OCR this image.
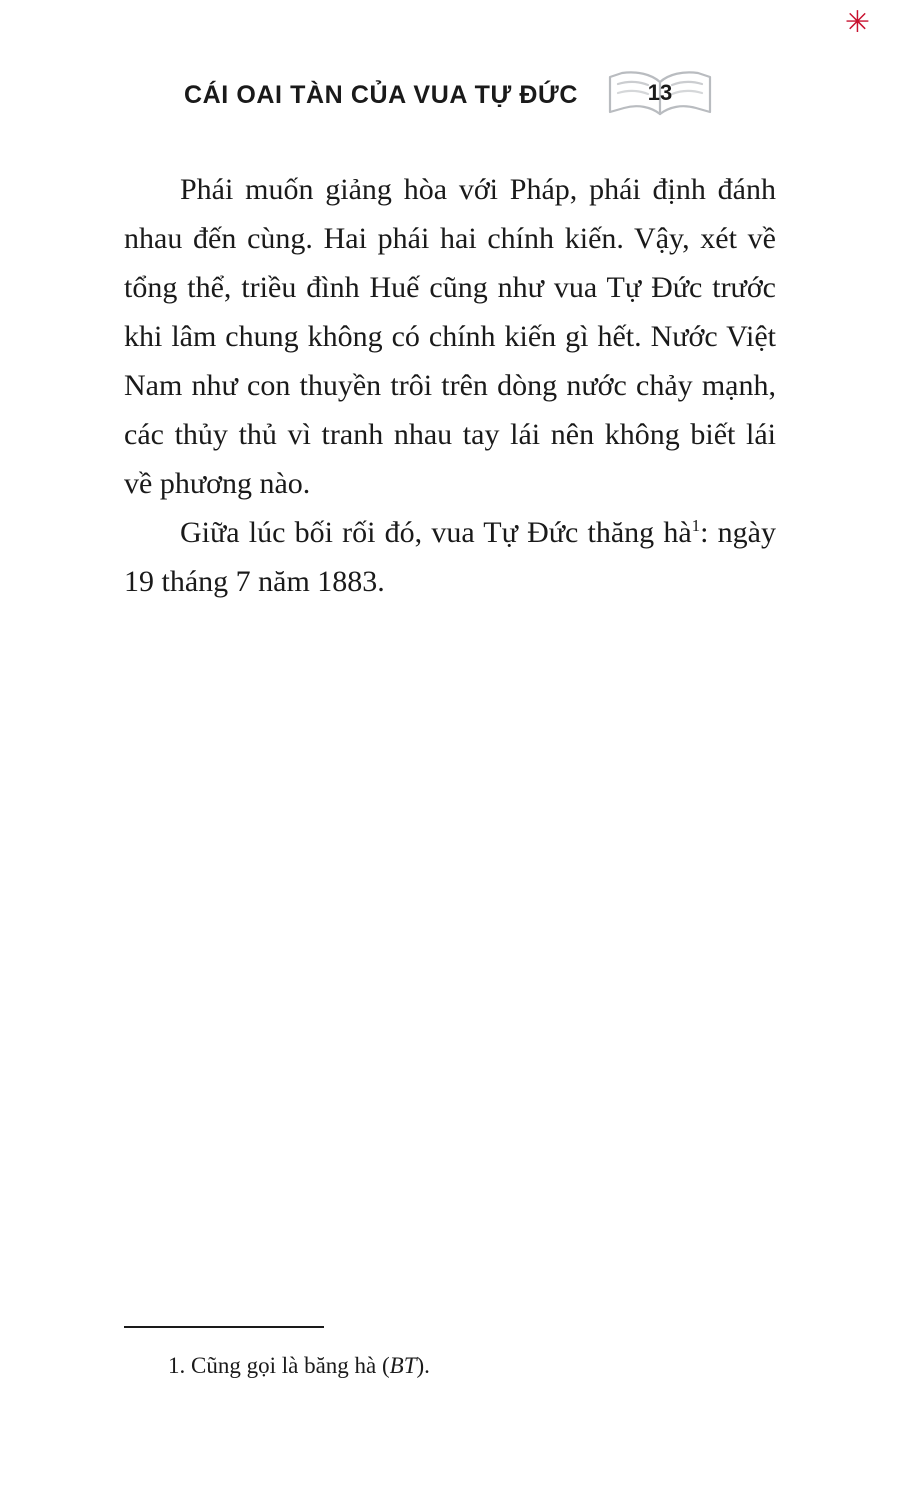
✳
CÁI OAI TÀN CỦA VUA TỰ ĐỨC	13

Phái muốn giảng hòa với Pháp, phái định đánh nhau đến cùng. Hai phái hai chính kiến. Vậy, xét về tổng thể, triều đình Huế cũng như vua Tự Đức trước khi lâm chung không có chính kiến gì hết. Nước Việt Nam như con thuyền trôi trên dòng nước chảy mạnh, các thủy thủ vì tranh nhau tay lái nên không biết lái về phương nào.

Giữa lúc bối rối đó, vua Tự Đức thăng hà$^1$: ngày 19 tháng 7 năm 1883.

1. Cũng gọi là băng hà (BT).
